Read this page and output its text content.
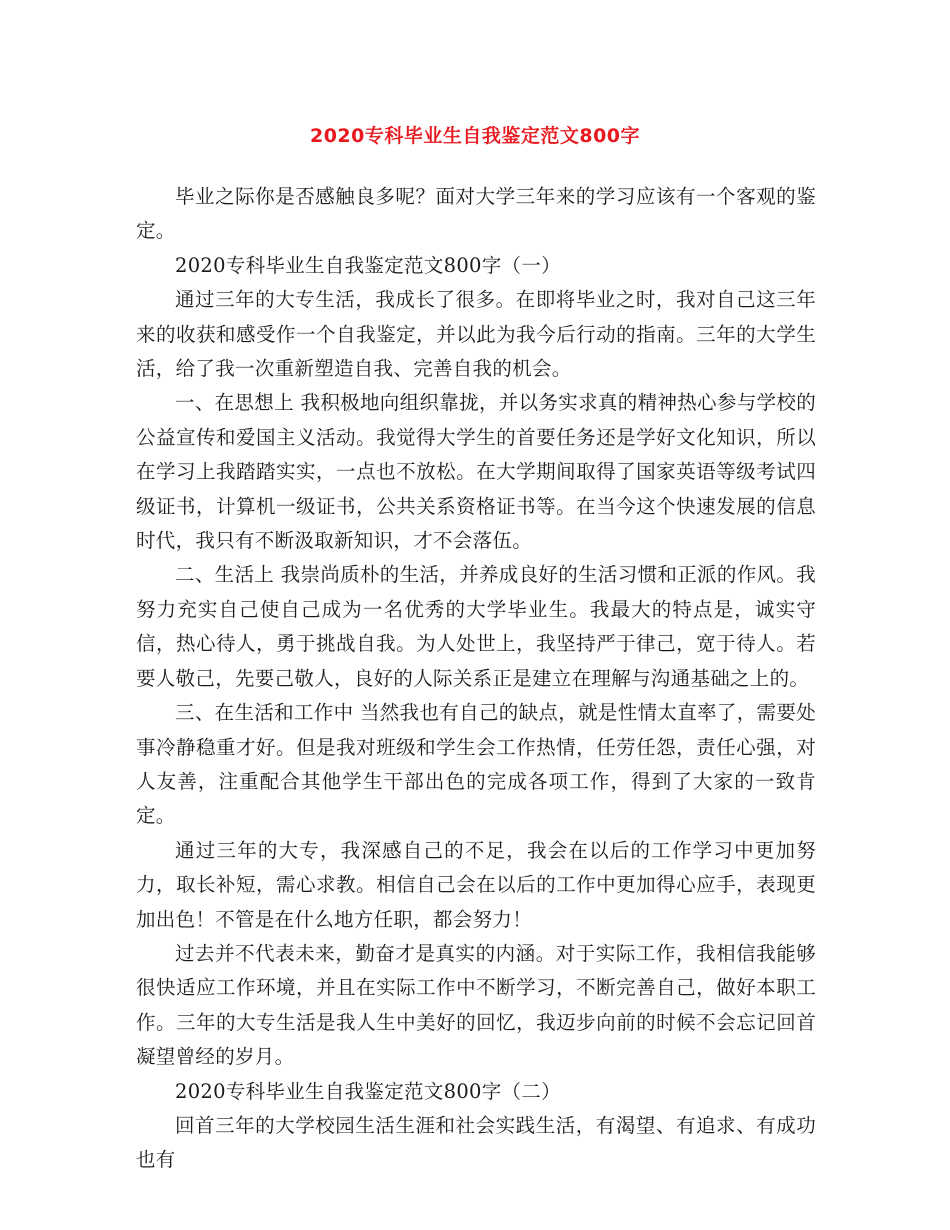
2020专科毕业生自我鉴定范文800字

毕业之际你是否感触良多呢？面对大学三年来的学习应该有一个客观的鉴定。

2020专科毕业生自我鉴定范文800字（一）

通过三年的大专生活，我成长了很多。在即将毕业之时，我对自己这三年来的收获和感受作一个自我鉴定，并以此为我今后行动的指南。三年的大学生活，给了我一次重新塑造自我、完善自我的机会。

一、在思想上 我积极地向组织靠拢，并以务实求真的精神热心参与学校的公益宣传和爱国主义活动。我觉得大学生的首要任务还是学好文化知识，所以在学习上我踏踏实实，一点也不放松。在大学期间取得了国家英语等级考试四级证书，计算机一级证书，公共关系资格证书等。在当今这个快速发展的信息时代，我只有不断汲取新知识，才不会落伍。

二、生活上 我崇尚质朴的生活，并养成良好的生活习惯和正派的作风。我努力充实自己使自己成为一名优秀的大学毕业生。我最大的特点是，诚实守信，热心待人，勇于挑战自我。为人处世上，我坚持严于律己，宽于待人。若要人敬己，先要己敬人，良好的人际关系正是建立在理解与沟通基础之上的。

三、在生活和工作中 当然我也有自己的缺点，就是性情太直率了，需要处事冷静稳重才好。但是我对班级和学生会工作热情，任劳任怨，责任心强，对人友善，注重配合其他学生干部出色的完成各项工作，得到了大家的一致肯定。

通过三年的大专，我深感自己的不足，我会在以后的工作学习中更加努力，取长补短，需心求教。相信自己会在以后的工作中更加得心应手，表现更加出色！不管是在什么地方任职，都会努力！

过去并不代表未来，勤奋才是真实的内涵。对于实际工作，我相信我能够很快适应工作环境，并且在实际工作中不断学习，不断完善自己，做好本职工作。三年的大专生活是我人生中美好的回忆，我迈步向前的时候不会忘记回首凝望曾经的岁月。

2020专科毕业生自我鉴定范文800字（二）

回首三年的大学校园生活生涯和社会实践生活，有渴望、有追求、有成功也有
